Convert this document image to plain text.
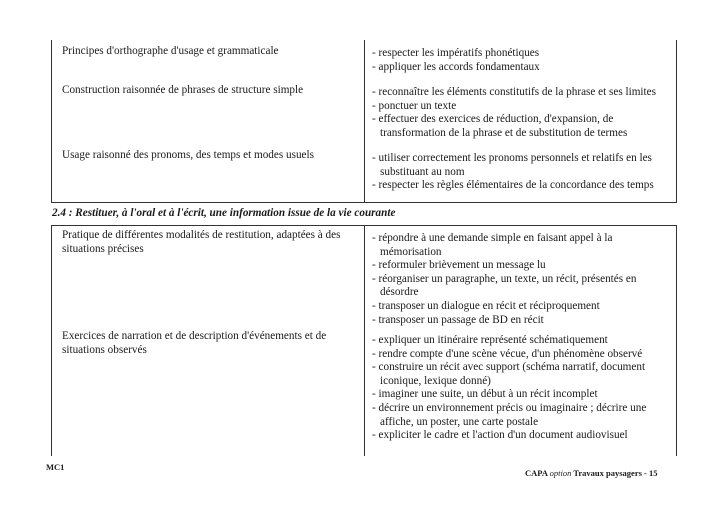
Principes d'orthographe d'usage et grammaticale	- respecter les impératifs phonétiques
- appliquer les accords fondamentaux
Construction raisonnée de phrases de structure simple	- reconnaître les éléments constitutifs de la phrase et ses limites
- ponctuer un texte
- effectuer des exercices de réduction, d'expansion, de transformation de la phrase et de substitution de termes
Usage raisonné des pronoms, des temps et modes usuels	- utiliser correctement les pronoms personnels et relatifs en les substituant au nom
- respecter les règles élémentaires de la concordance des temps
2.4 : Restituer, à l'oral et à l'écrit, une information issue de la vie courante
Pratique de différentes modalités de restitution, adaptées à des situations précises
- répondre à une demande simple en faisant appel à la mémorisation
- reformuler brièvement un message lu
- réorganiser un paragraphe, un texte, un récit, présentés en désordre
- transposer un dialogue en récit et réciproquement
- transposer un passage de BD en récit
Exercices de narration et de description d'événements et de situations observés
- expliquer un itinéraire représenté schématiquement
- rendre compte d'une scène vécue, d'un phénomène observé
- construire un récit avec support (schéma narratif, document iconique, lexique donné)
- imaginer une suite, un début à un récit incomplet
- décrire un environnement précis ou imaginaire ; décrire une affiche, un poster, une carte postale
- expliciter le cadre et l'action d'un document audiovisuel
MC1
CAPA option Travaux paysagers - 15
